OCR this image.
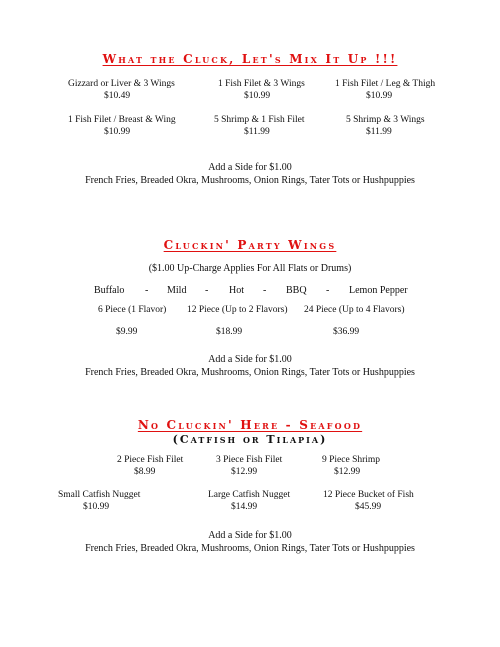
What the Cluck, Let's Mix It Up !!!
Gizzard or Liver & 3 Wings
$10.49
1 Fish Filet & 3 Wings
$10.99
1 Fish Filet / Leg & Thigh
$10.99
1 Fish Filet / Breast & Wing
$10.99
5 Shrimp & 1 Fish Filet
$11.99
5 Shrimp & 3 Wings
$11.99
Add a Side for $1.00
French Fries, Breaded Okra, Mushrooms, Onion Rings, Tater Tots or Hushpuppies
Cluckin' Party Wings
($1.00 Up-Charge Applies For All Flats or Drums)
Buffalo - Mild - Hot - BBQ - Lemon Pepper
6 Piece (1 Flavor) 12 Piece (Up to 2 Flavors) 24 Piece (Up to 4 Flavors)
$9.99	$18.99	$36.99
Add a Side for $1.00
French Fries, Breaded Okra, Mushrooms, Onion Rings, Tater Tots or Hushpuppies
No Cluckin' Here - Seafood
(Catfish or Tilapia)
2 Piece Fish Filet
$8.99
3 Piece Fish Filet
$12.99
9 Piece Shrimp
$12.99
Small Catfish Nugget
$10.99
Large Catfish Nugget
$14.99
12 Piece Bucket of Fish
$45.99
Add a Side for $1.00
French Fries, Breaded Okra, Mushrooms, Onion Rings, Tater Tots or Hushpuppies
